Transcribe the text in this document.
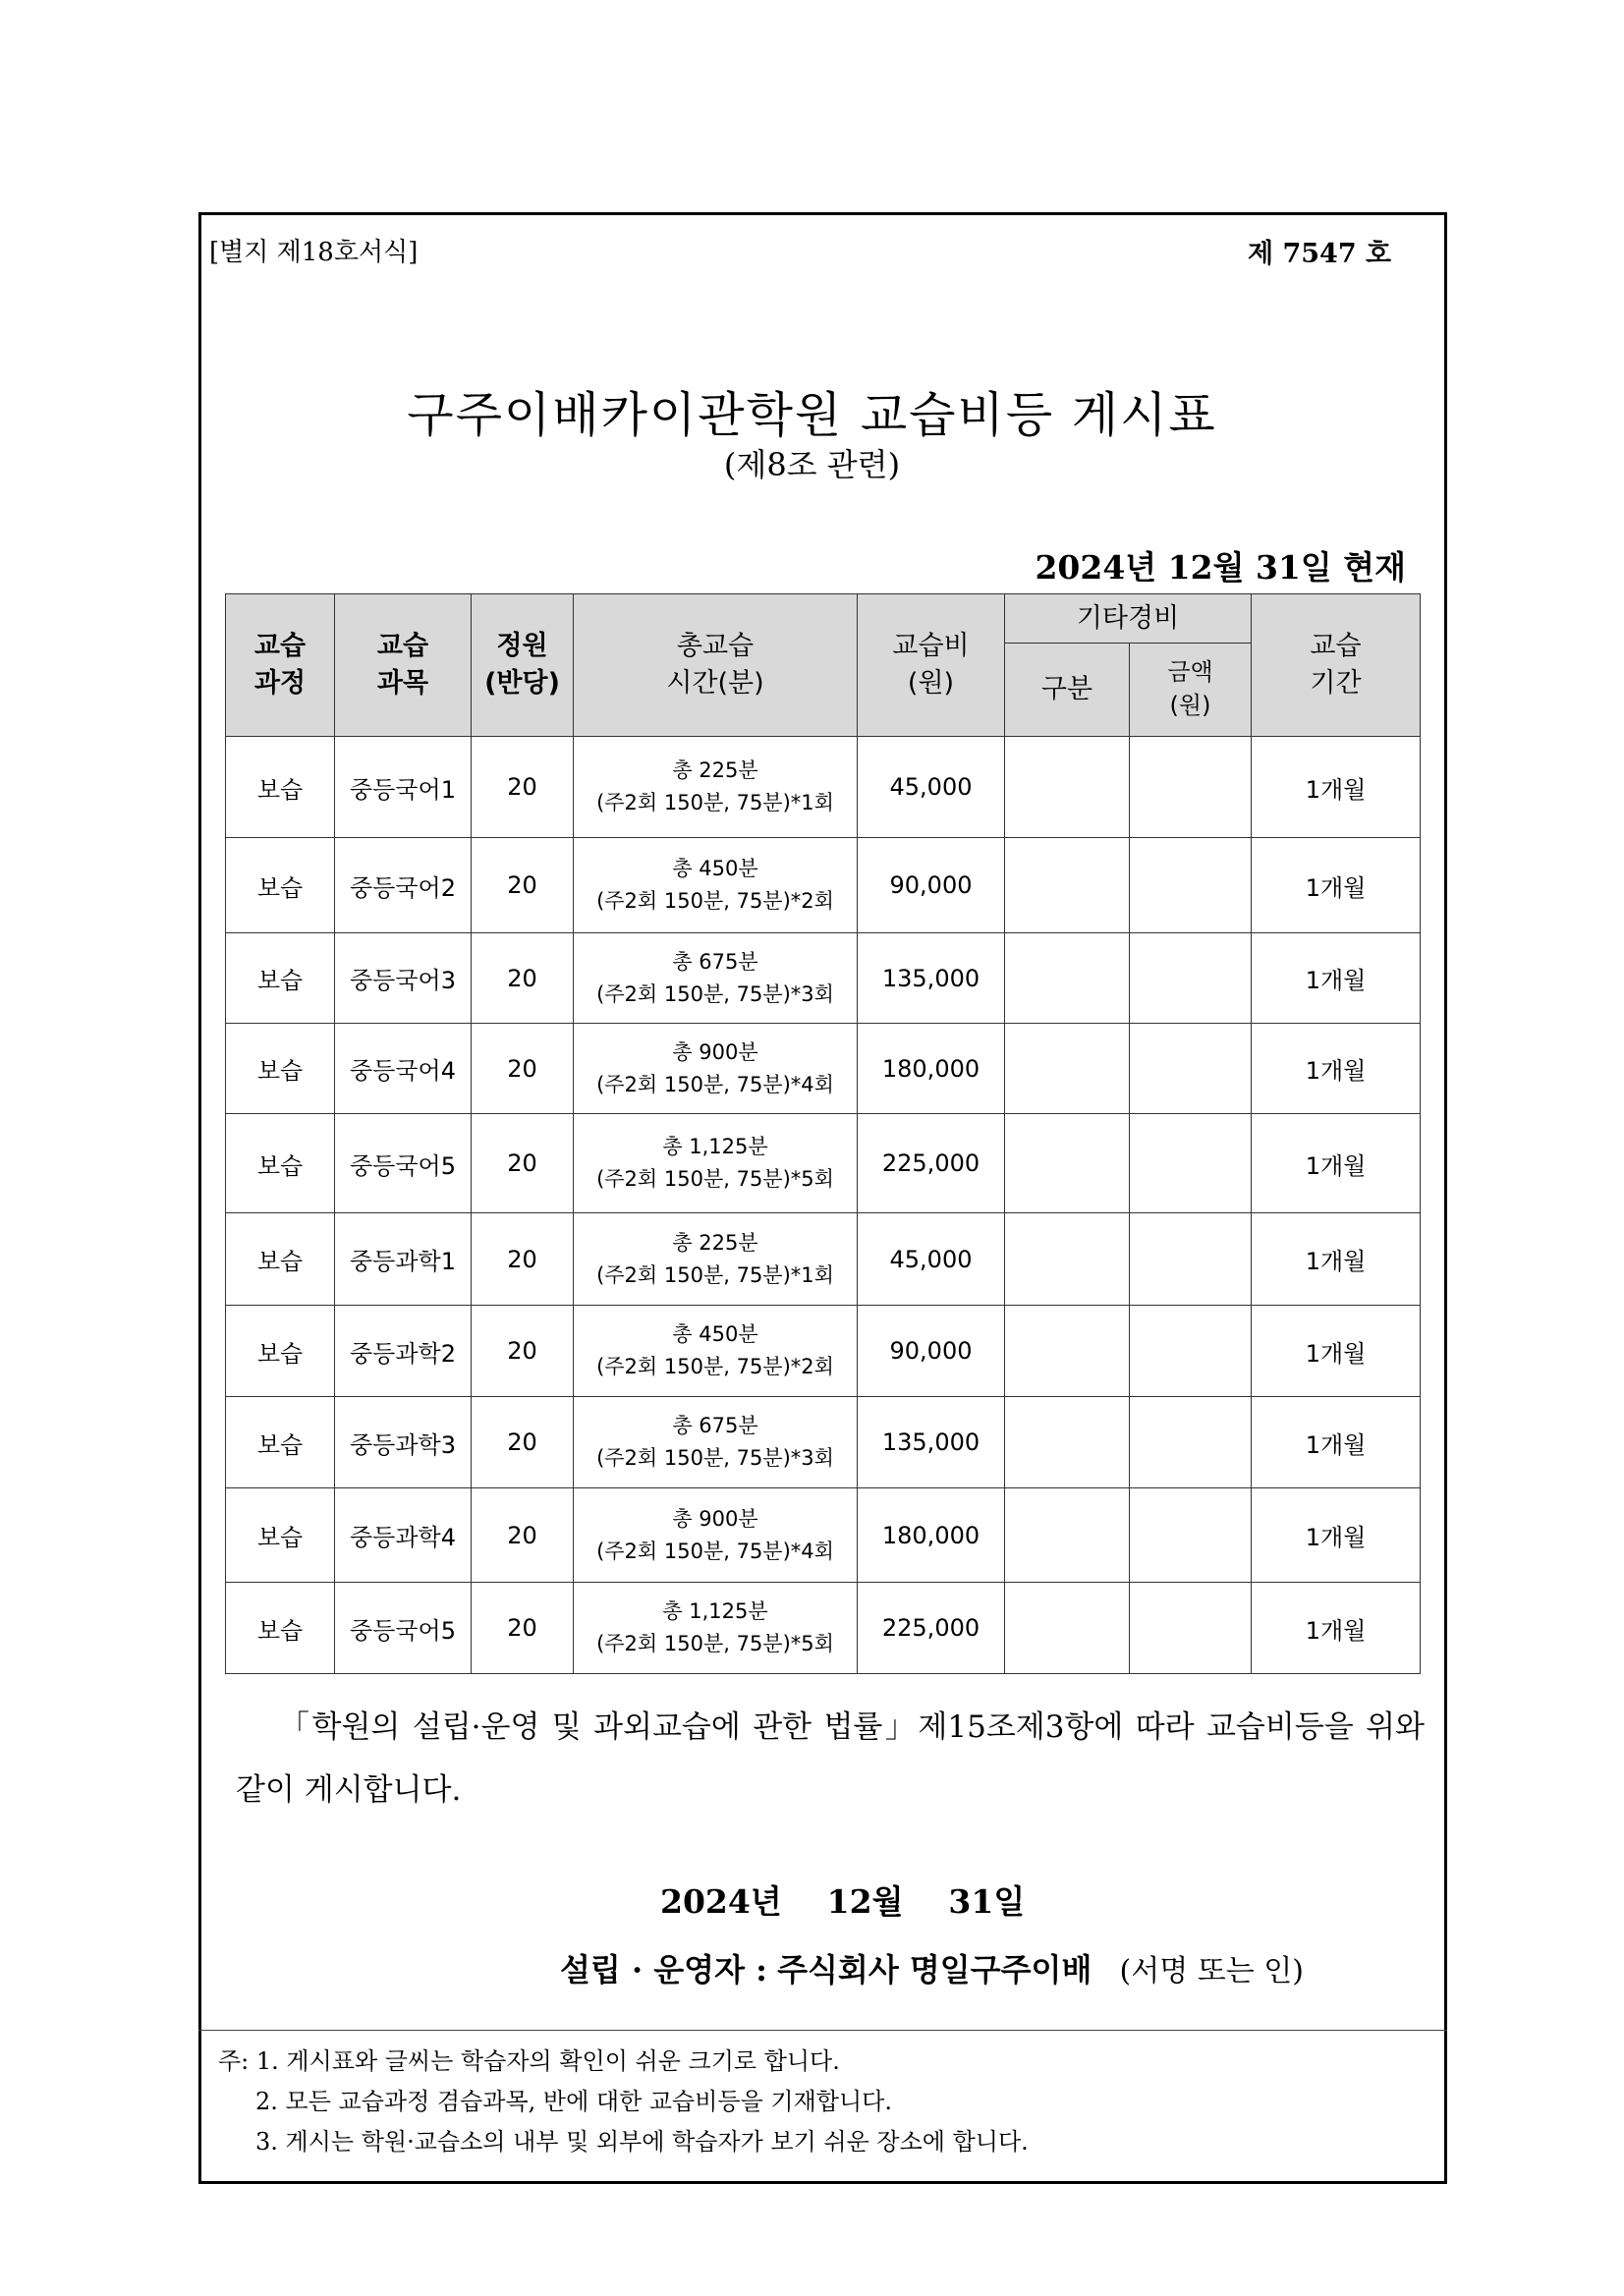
[별지 제18호서식]	제 7547 호
구주이배카이관학원 교습비등 게시표
(제8조 관련)
2024년 12월 31일 현재
교습
과정	교습
과목	정원
(반당)	총교습
시간(분)	교습비
(원)	기타경비		교습
기간
					구분	금액
(원)	
보습	중등국어1	20	총 225분
(주2회 150분, 75분)*1회	45,000			1개월
보습	중등국어2	20	총 450분
(주2회 150분, 75분)*2회	90,000			1개월
보습	중등국어3	20	총 675분
(주2회 150분, 75분)*3회	135,000			1개월
보습	중등국어4	20	총 900분
(주2회 150분, 75분)*4회	180,000			1개월
보습	중등국어5	20	총 1,125분
(주2회 150분, 75분)*5회	225,000			1개월
보습	중등과학1	20	총 225분
(주2회 150분, 75분)*1회	45,000			1개월
보습	중등과학2	20	총 450분
(주2회 150분, 75분)*2회	90,000			1개월
보습	중등과학3	20	총 675분
(주2회 150분, 75분)*3회	135,000			1개월
보습	중등과학4	20	총 900분
(주2회 150분, 75분)*4회	180,000			1개월
보습	중등국어5	20	총 1,125분
(주2회 150분, 75분)*5회	225,000			1개월
「학원의 설립·운영 및 과외교습에 관한 법률」제15조제3항에 따라 교습비등을 위와 같이 게시합니다.
2024년    12월    31일
설립 · 운영자 : 주식회사 명일구주이배 (서명 또는 인)
주: 1. 게시표와 글씨는 학습자의 확인이 쉬운 크기로 합니다.
2. 모든 교습과정 겸습과목, 반에 대한 교습비등을 기재합니다.
3. 게시는 학원·교습소의 내부 및 외부에 학습자가 보기 쉬운 장소에 합니다.
